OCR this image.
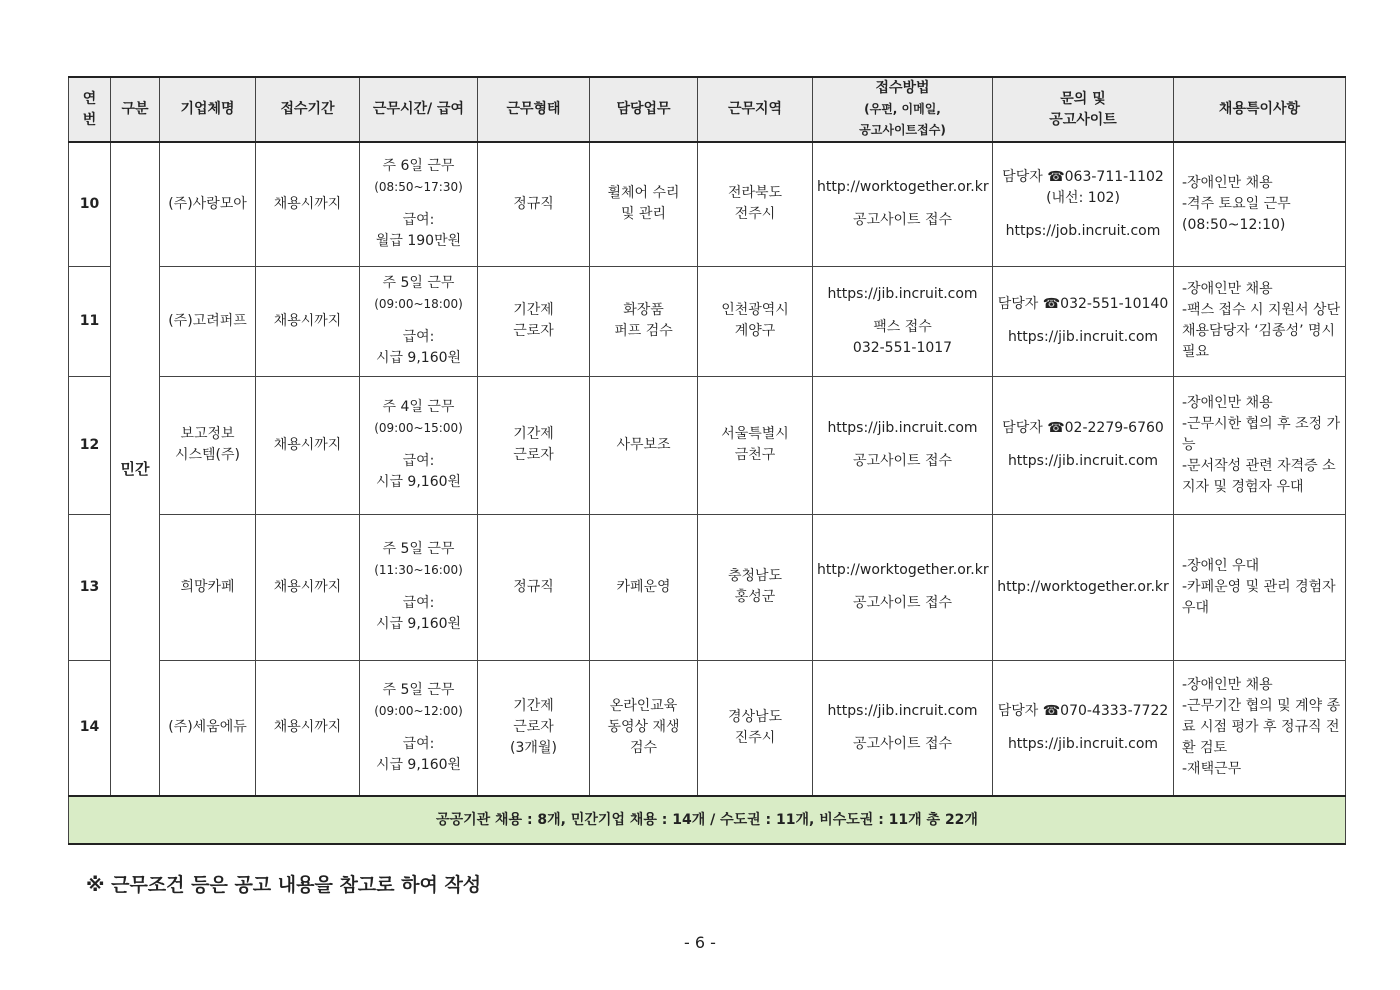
연
번	구분	기업체명	접수기간	근무시간/ 급여	근무형태	담당업무	근무지역	접수방법
(우편, 이메일,
공고사이트접수)	문의 및
공고사이트	채용특이사항

10	민간	(주)사랑모아	채용시까지	주 6일 근무
(08:50~17:30)
급여:
월급 190만원	정규직	휠체어 수리
및 관리	전라북도
전주시	http://worktogether.or.kr
공고사이트 접수	담당자 ☎063-711-1102
(내선: 102)
https://job.incruit.com	-장애인만 채용
-격주 토요일 근무
(08:50~12:10)

11		(주)고려퍼프	채용시까지	주 5일 근무
(09:00~18:00)
급여:
시급 9,160원	기간제
근로자	화장품
퍼프 검수	인천광역시
계양구	https://jib.incruit.com
팩스 접수
032-551-1017	담당자 ☎032-551-10140
https://jib.incruit.com	-장애인만 채용
-팩스 접수 시 지원서 상단 채용담당자 ‘김종성’ 명시 필요

12		보고정보
시스템(주)	채용시까지	주 4일 근무
(09:00~15:00)
급여:
시급 9,160원	기간제
근로자	사무보조	서울특별시
금천구	https://jib.incruit.com
공고사이트 접수	담당자 ☎02-2279-6760
https://jib.incruit.com	-장애인만 채용
-근무시한 협의 후 조정 가능
-문서작성 관련 자격증 소지자 및 경험자 우대

13		희망카페	채용시까지	주 5일 근무
(11:30~16:00)
급여:
시급 9,160원	정규직	카페운영	충청남도
홍성군	http://worktogether.or.kr
공고사이트 접수	http://worktogether.or.kr	-장애인 우대
-카페운영 및 관리 경험자 우대

14		(주)세움에듀	채용시까지	주 5일 근무
(09:00~12:00)
급여:
시급 9,160원	기간제
근로자
(3개월)	온라인교육
동영상 재생
검수	경상남도
진주시	https://jib.incruit.com
공고사이트 접수	담당자 ☎070-4333-7722
https://jib.incruit.com	-장애인만 채용
-근무기간 협의 및 계약 종료 시점 평가 후 정규직 전환 검토
-재택근무

공공기관 채용 : 8개, 민간기업 채용 : 14개 / 수도권 : 11개, 비수도권 : 11개 총 22개										
※ 근무조건 등은 공고 내용을 참고로 하여 작성
- 6 -
